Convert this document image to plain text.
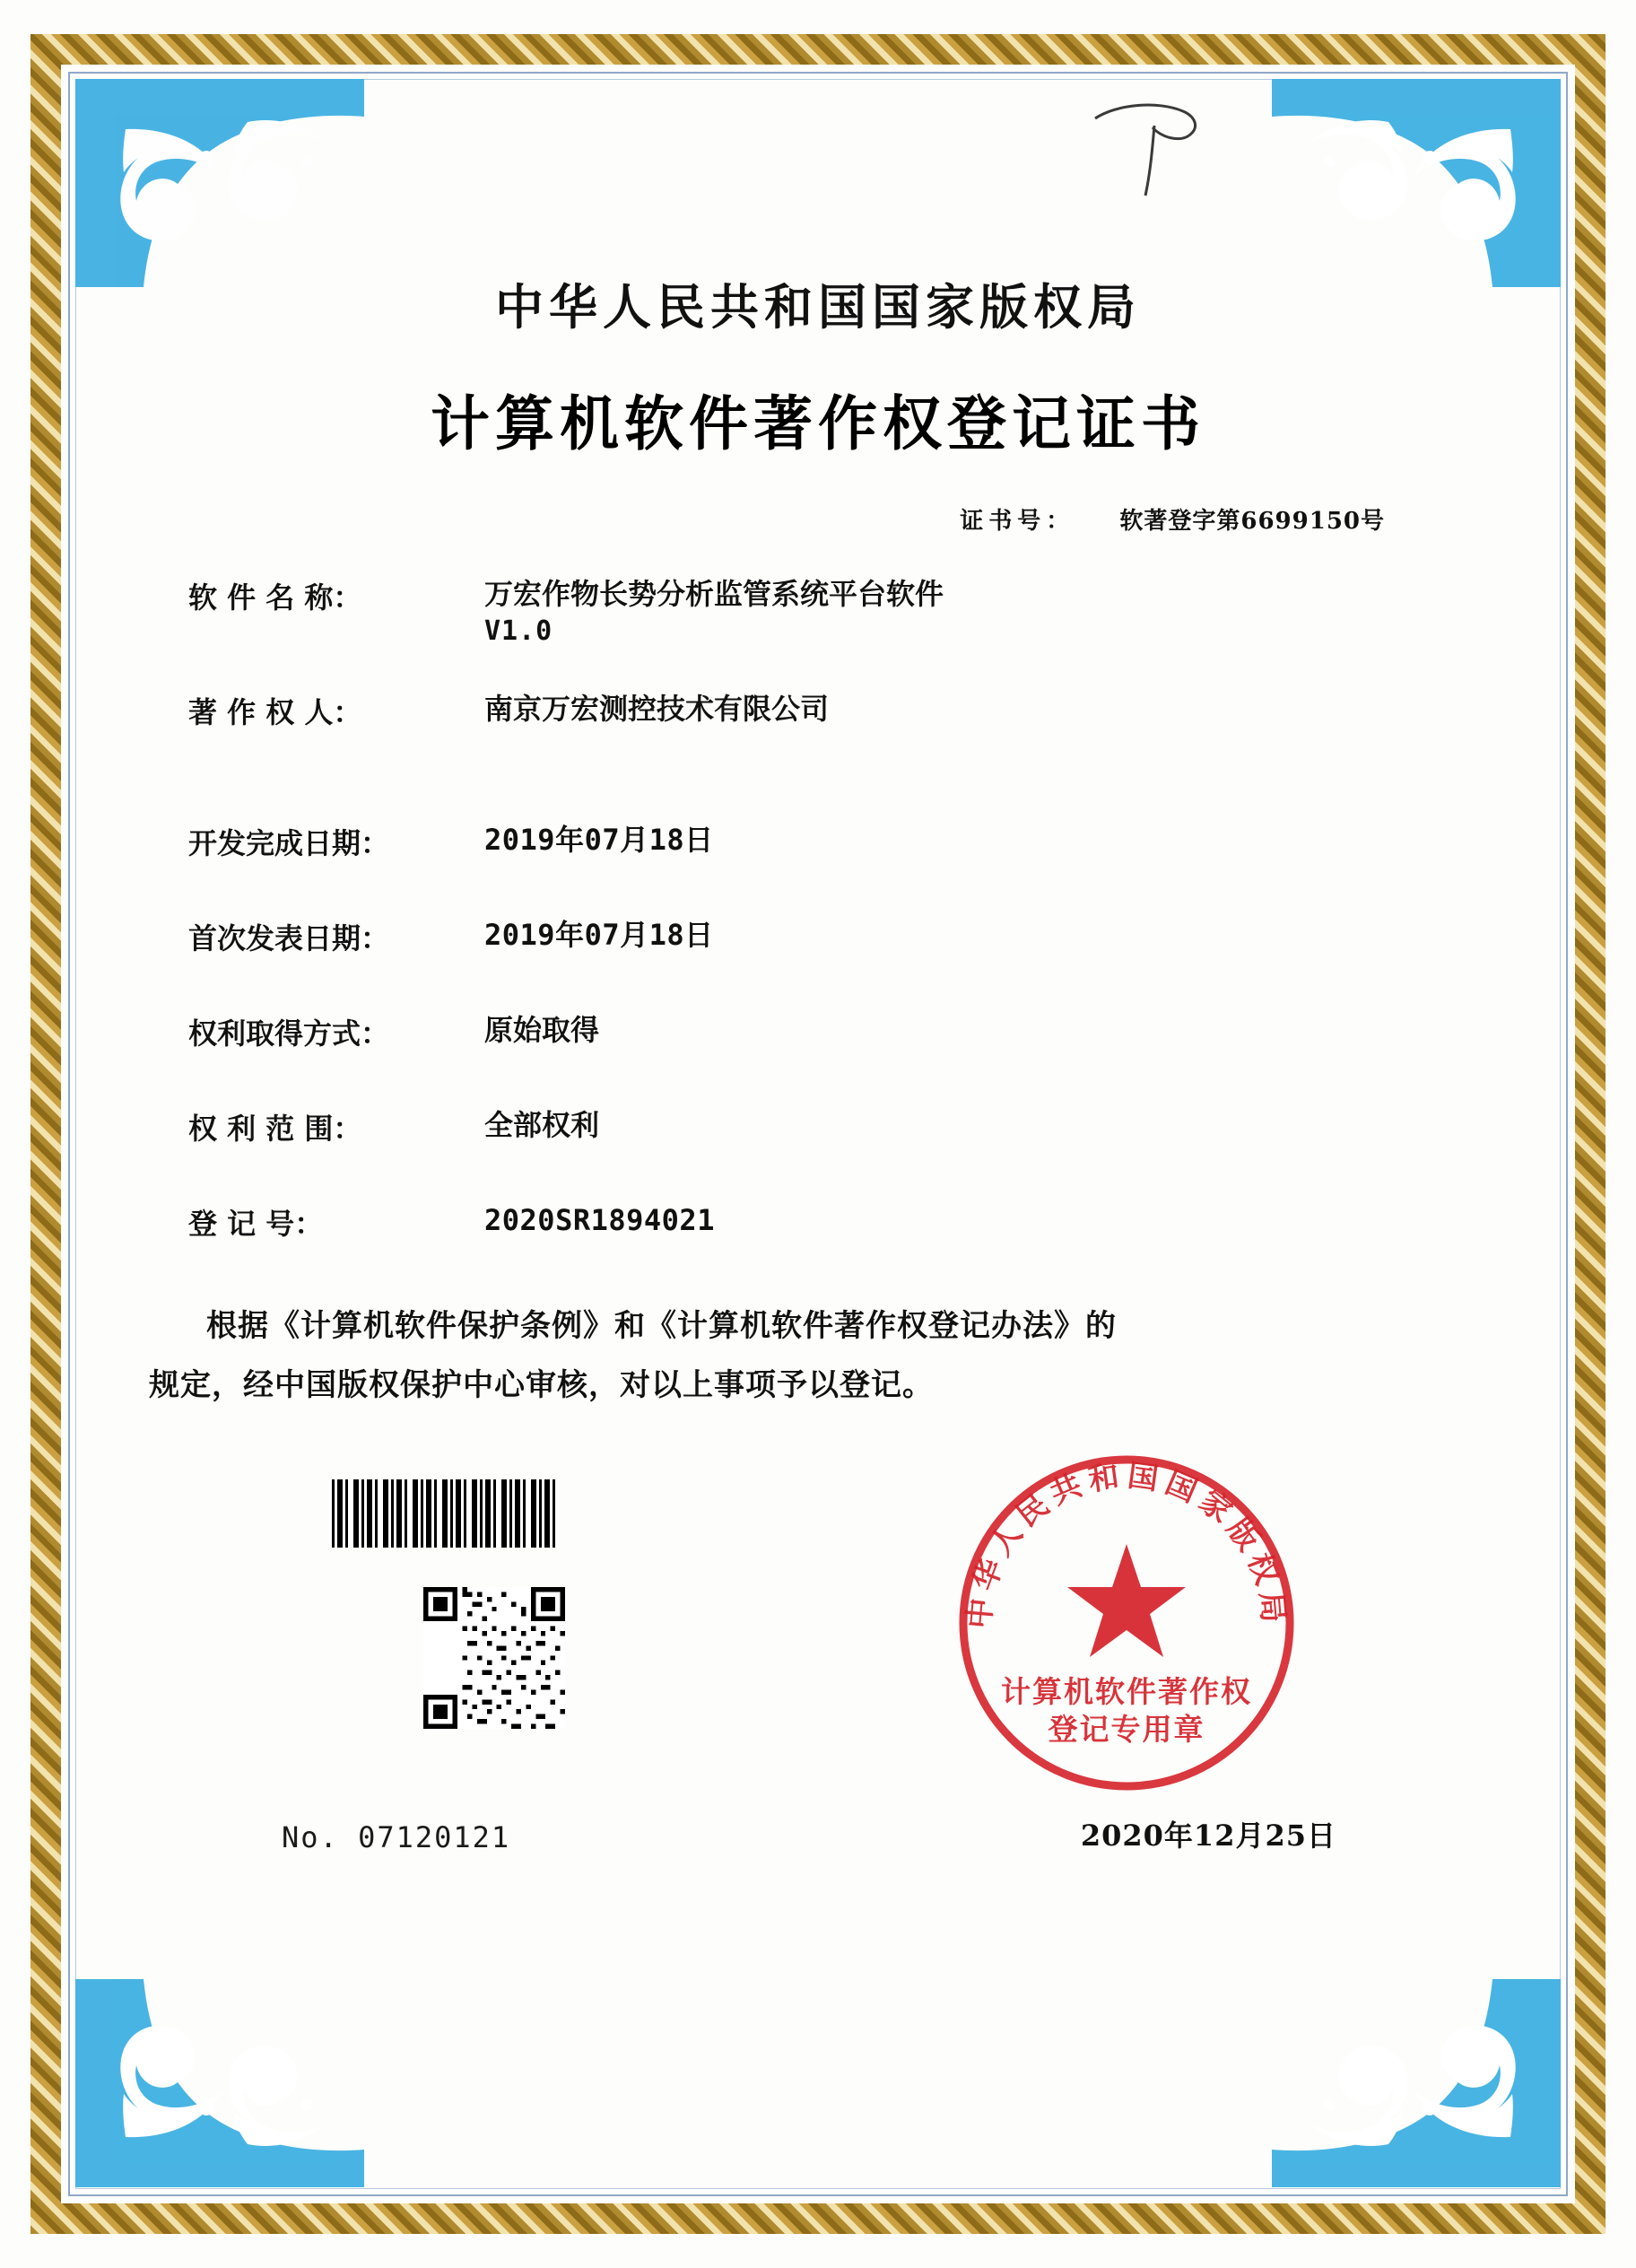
中华人民共和国国家版权局
计算机软件著作权登记证书
证书号： 软著登字第6699150号
软 件 名 称：	万宏作物长势分析监管系统平台软件
V1.0
著 作 权 人：	南京万宏测控技术有限公司
开发完成日期：	2019年07月18日
首次发表日期：	2019年07月18日
权利取得方式：	原始取得
权 利 范 围：	全部权利
登 记 号：	2020SR1894021
根据《计算机软件保护条例》和《计算机软件著作权登记办法》的
规定，经中国版权保护中心审核，对以上事项予以登记。
中华人民共和国国家版权局
计算机软件著作权
登记专用章
No. 07120121	2020年12月25日
